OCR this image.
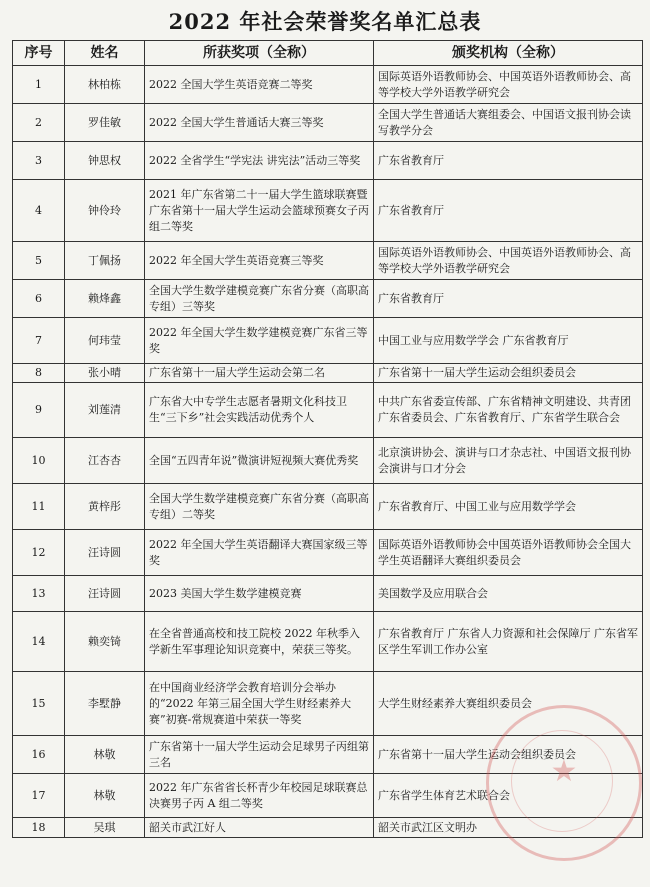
2022 年社会荣誉奖名单汇总表
序号	姓名	所获奖项（全称）	颁奖机构（全称）
1	林柏栋	2022 全国大学生英语竞赛二等奖	国际英语外语教师协会、中国英语外语教师协会、高等学校大学外语教学研究会
2	罗佳敏	2022 全国大学生普通话大赛三等奖	全国大学生普通话大赛组委会、中国语文报刊协会读写教学分会
3	钟思权	2022 全省学生“学宪法 讲宪法”活动三等奖	广东省教育厅
4	钟伶玲	2021 年广东省第二十一届大学生篮球联赛暨广东省第十一届大学生运动会篮球预赛女子丙组二等奖	广东省教育厅
5	丁佩扬	2022 年全国大学生英语竞赛三等奖	国际英语外语教师协会、中国英语外语教师协会、高等学校大学外语教学研究会
6	赖烽鑫	全国大学生数学建模竞赛广东省分赛（高职高专组）三等奖	广东省教育厅
7	何玮莹	2022 年全国大学生数学建模竞赛广东省三等奖	中国工业与应用数学学会 广东省教育厅
8	张小晴	广东省第十一届大学生运动会第二名	广东省第十一届大学生运动会组织委员会
9	刘莲清	广东省大中专学生志愿者暑期文化科技卫生“三下乡”社会实践活动优秀个人	中共广东省委宣传部、广东省精神文明建设、共青团广东省委员会、广东省教育厅、广东省学生联合会
10	江杏杏	全国“五四青年说”微演讲短视频大赛优秀奖	北京演讲协会、演讲与口才杂志社、中国语文报刊协会演讲与口才分会
11	黄梓彤	全国大学生数学建模竞赛广东省分赛（高职高专组）二等奖	广东省教育厅、中国工业与应用数学学会
12	汪诗圆	2022 年全国大学生英语翻译大赛国家级三等奖	国际英语外语教师协会中国英语外语教师协会全国大学生英语翻译大赛组织委员会
13	汪诗圆	2023 美国大学生数学建模竞赛	美国数学及应用联合会
14	赖奕锜	在全省普通高校和技工院校 2022 年秋季入学新生军事理论知识竞赛中，荣获三等奖。	广东省教育厅 广东省人力资源和社会保障厅 广东省军区学生军训工作办公室
15	李墅静	在中国商业经济学会教育培训分会举办的“2022 年第三届全国大学生财经素养大赛”初赛-常规赛道中荣获一等奖	大学生财经素养大赛组织委员会
16	林敬	广东省第十一届大学生运动会足球男子丙组第三名	广东省第十一届大学生运动会组织委员会
17	林敬	2022 年广东省省长杯青少年校园足球联赛总决赛男子丙 A 组二等奖	广东省学生体育艺术联合会
18	吴琪	韶关市武江好人	韶关市武江区文明办
★
